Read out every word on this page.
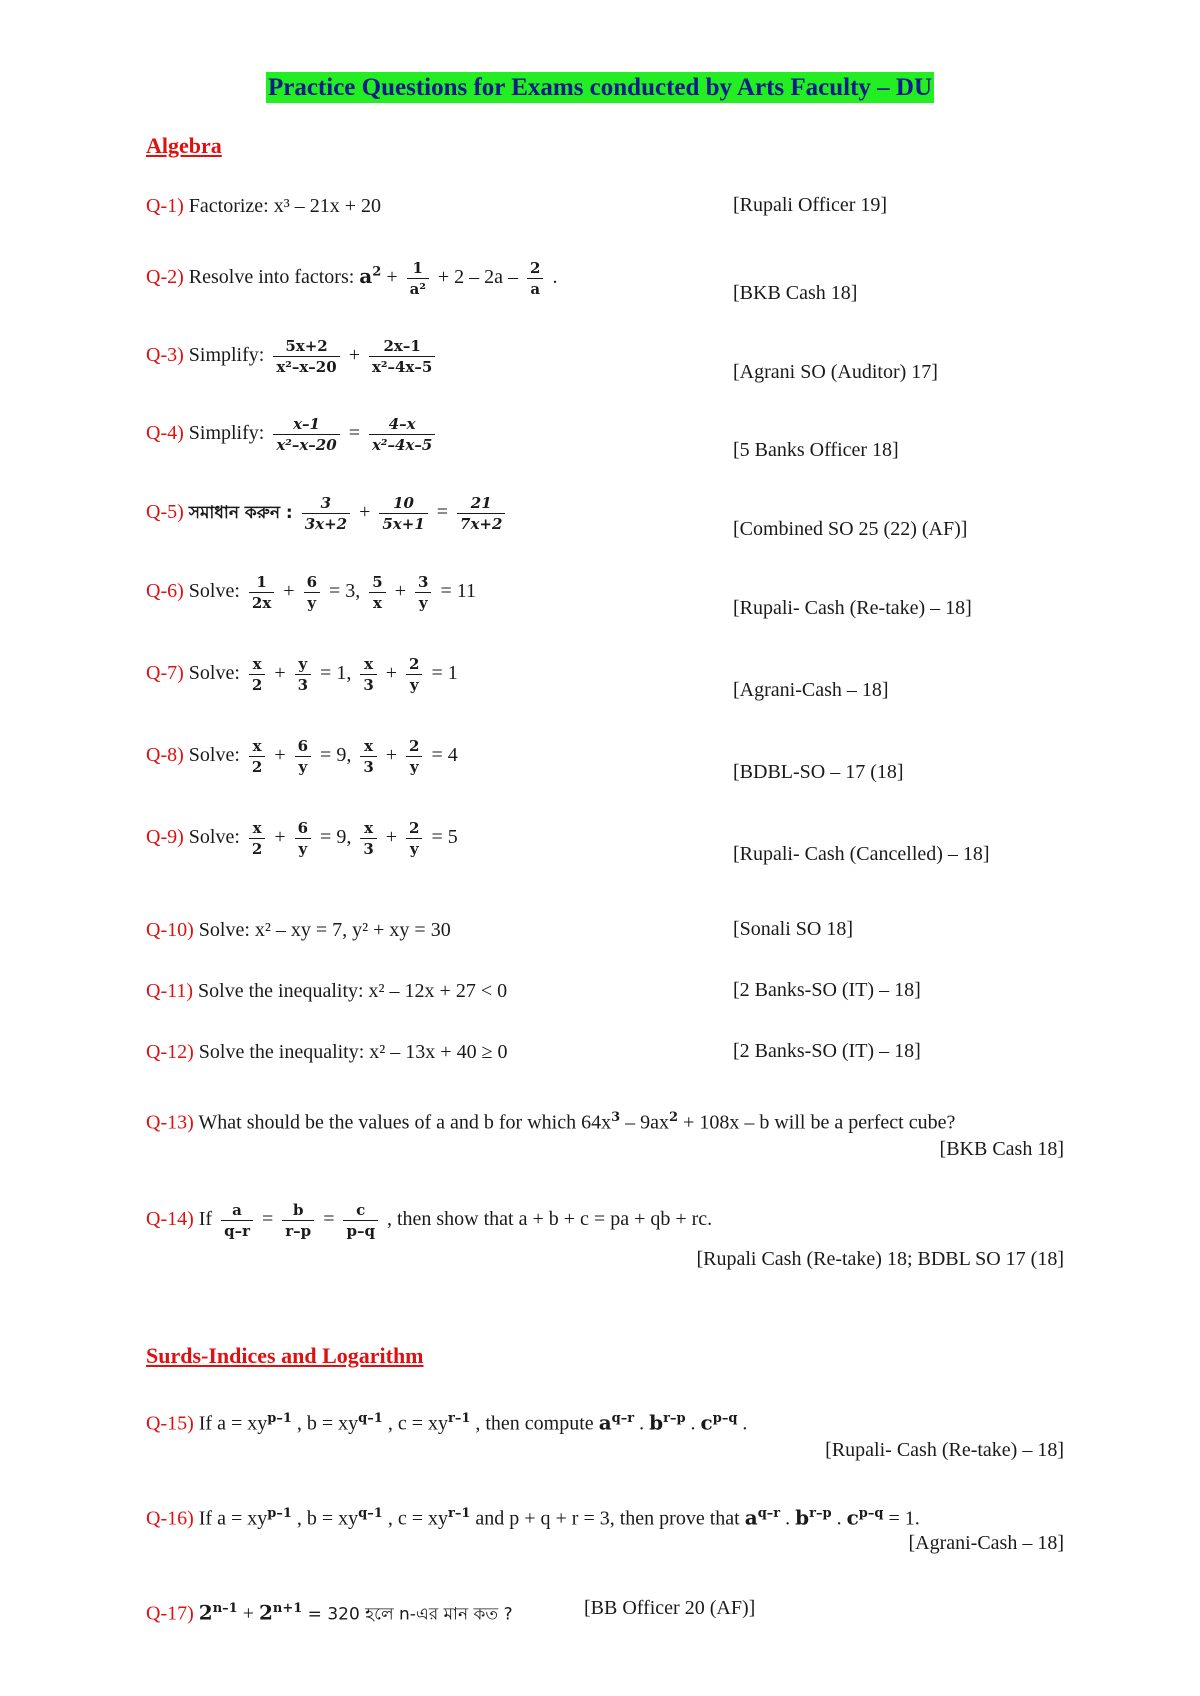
Practice Questions for Exams conducted by Arts Faculty – DU
Algebra
Q-1) Factorize: x³ – 21x + 20	[Rupali Officer 19]
Q-2) Resolve into factors: $a^2 + \frac{1}{\text{a²}} + 2 - 2a - \frac{2}{a}$ .
[BKB Cash 18]
Q-3) Simplify: $\frac{5x+2}{\text{x²–x–20}} + \frac{2x-1}{\text{x²–4x–5}}$	[Agrani SO (Auditor) 17]
Q-4) Simplify: $\frac{x-1}{\text{x²–x–20}} = \frac{4-x}{\text{x²–4x–5}}$	[5 Banks Officer 18]
Q-5) সমাধান করুন : $\frac{3}{3x+2} + \frac{10}{5x+1} = \frac{21}{7x+2}$	[Combined SO 25 (22) (AF)]
Q-6) Solve: $\frac{1}{2x} + \frac{6}{y} = 3$, $\frac{5}{x} + \frac{3}{y} = 11$
[Rupali- Cash (Re-take) – 18]
Q-7) Solve: $\frac{x}{2} + \frac{y}{3} = 1$, $\frac{x}{3} + \frac{2}{y} = 1$
[Agrani-Cash – 18]
Q-8) Solve: $\frac{x}{2} + \frac{6}{y} = 9$, $\frac{x}{3} + \frac{2}{y} = 4$
[BDBL-SO – 17 (18]
Q-9) Solve: $\frac{x}{2} + \frac{6}{y} = 9$, $\frac{x}{3} + \frac{2}{y} = 5$
[Rupali- Cash (Cancelled) – 18]
Q-10) Solve: x² – xy = 7, y² + xy = 30	[Sonali SO 18]
Q-11) Solve the inequality: x² – 12x + 27 < 0	[2 Banks-SO (IT) – 18]
Q-12) Solve the inequality: x² – 13x + 40 ≥ 0	[2 Banks-SO (IT) – 18]
Q-13) What should be the values of a and b for which $64x^3 - 9ax^2 + 108x - b$ will be a perfect cube?
[BKB Cash 18]
Q-14) If $\frac{a}{q-r} = \frac{b}{r-p} = \frac{c}{p-q}$ , then show that a + b + c = pa + qb + rc.
[Rupali Cash (Re-take) 18; BDBL SO 17 (18]
Surds-Indices and Logarithm
Q-15) If $a = xy^{p-1}$ , $b = xy^{q-1}$ , $c = xy^{r-1}$ , then compute $a^{q-r}$ . $b^{r-p}$ . $c^{p-q}$ .
[Rupali- Cash (Re-take) – 18]
Q-16) If $a = xy^{p-1}$ , $b = xy^{q-1}$ , $c = xy^{r-1}$ and p + q + r = 3, then prove that $a^{q-r}$ . $b^{r-p}$ . $c^{p-q} = 1$.
[Agrani-Cash – 18]
Q-17) $2^{n-1} + 2^{n+1} = 320$ হলে n-এর মান কত ?	[BB Officer 20 (AF)]
